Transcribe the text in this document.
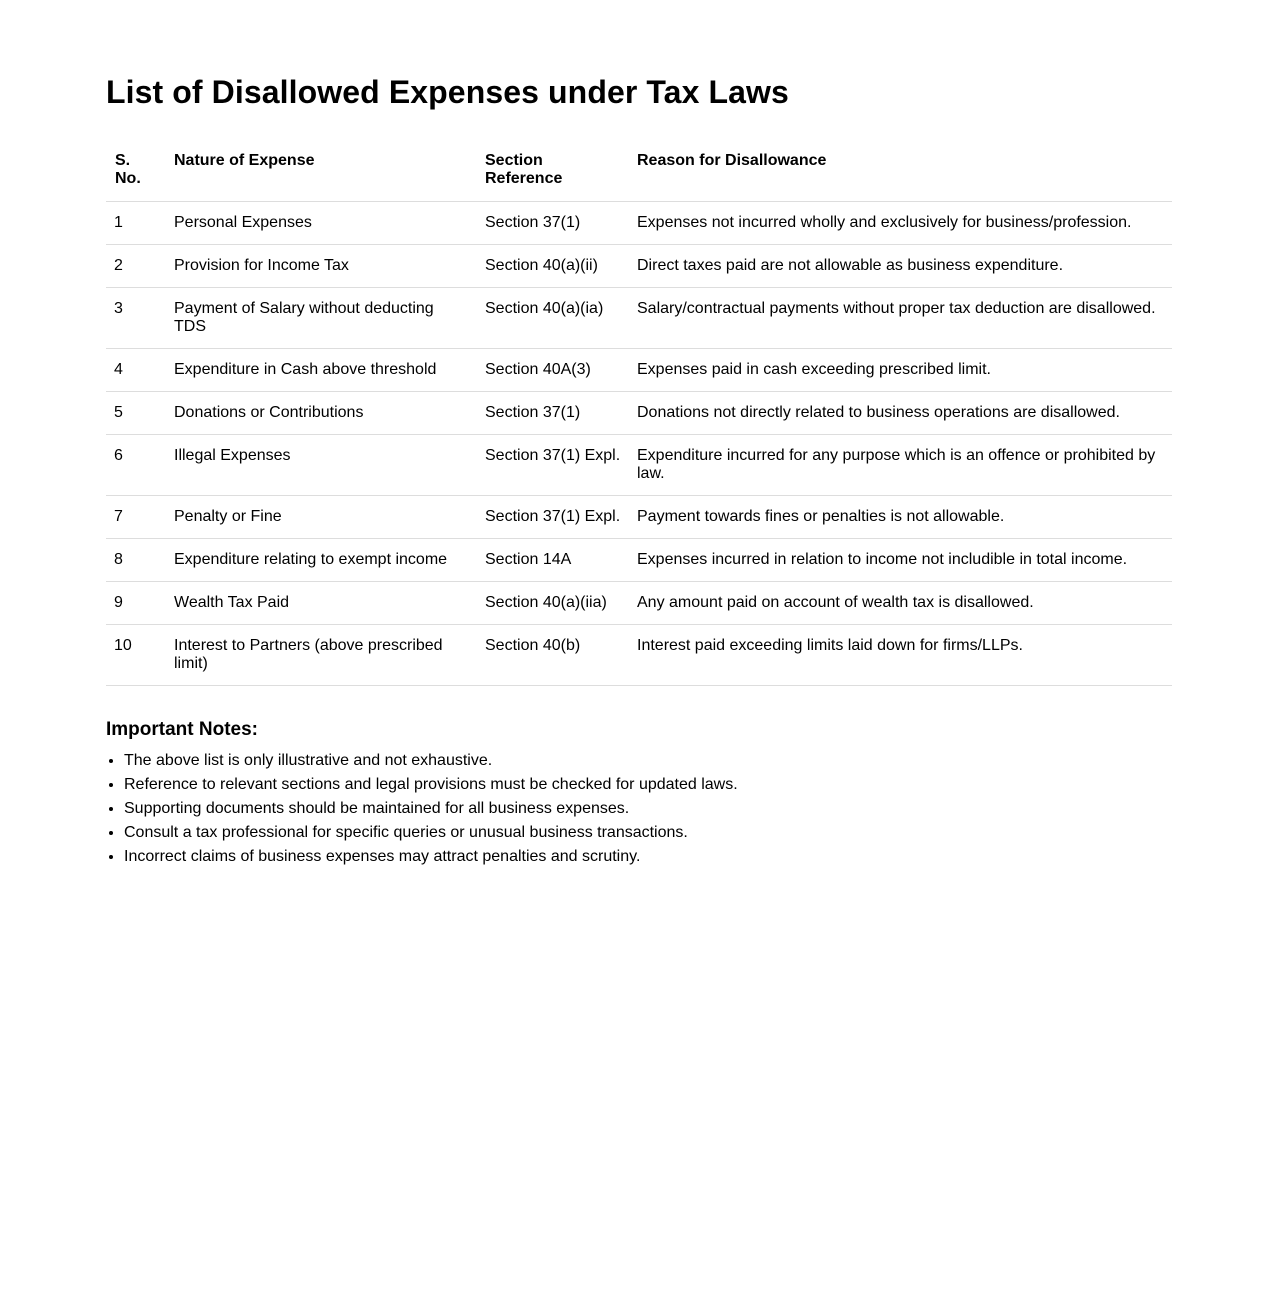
List of Disallowed Expenses under Tax Laws
S. No.	Nature of Expense	Section Reference	Reason for Disallowance
1	Personal Expenses	Section 37(1)	Expenses not incurred wholly and exclusively for business/profession.
2	Provision for Income Tax	Section 40(a)(ii)	Direct taxes paid are not allowable as business expenditure.
3	Payment of Salary without deducting TDS	Section 40(a)(ia)	Salary/contractual payments without proper tax deduction are disallowed.
4	Expenditure in Cash above threshold	Section 40A(3)	Expenses paid in cash exceeding prescribed limit.
5	Donations or Contributions	Section 37(1)	Donations not directly related to business operations are disallowed.
6	Illegal Expenses	Section 37(1) Expl.	Expenditure incurred for any purpose which is an offence or prohibited by law.
7	Penalty or Fine	Section 37(1) Expl.	Payment towards fines or penalties is not allowable.
8	Expenditure relating to exempt income	Section 14A	Expenses incurred in relation to income not includible in total income.
9	Wealth Tax Paid	Section 40(a)(iia)	Any amount paid on account of wealth tax is disallowed.
10	Interest to Partners (above prescribed limit)	Section 40(b)	Interest paid exceeding limits laid down for firms/LLPs.
Important Notes:
• The above list is only illustrative and not exhaustive.
• Reference to relevant sections and legal provisions must be checked for updated laws.
• Supporting documents should be maintained for all business expenses.
• Consult a tax professional for specific queries or unusual business transactions.
• Incorrect claims of business expenses may attract penalties and scrutiny.
